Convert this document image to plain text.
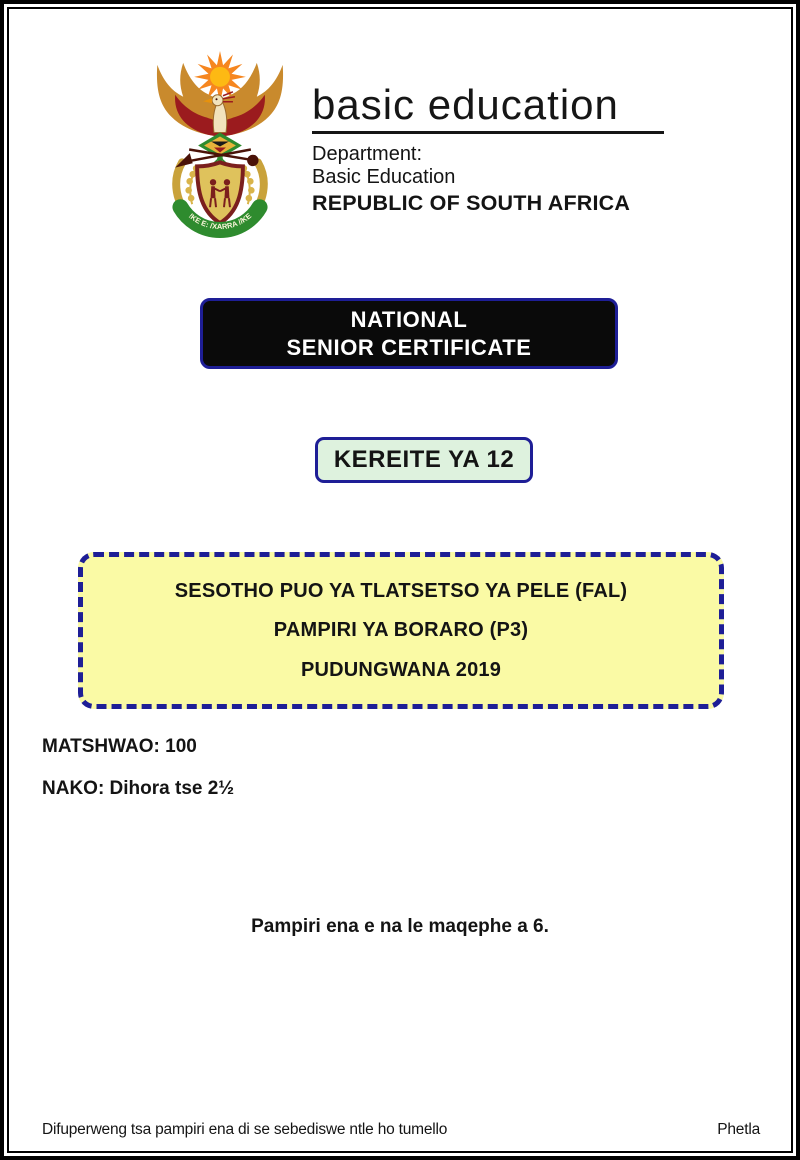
!KE E: /XARRA //KE
basic education
Department:
Basic Education
REPUBLIC OF SOUTH AFRICA
NATIONAL
SENIOR CERTIFICATE
KEREITE YA 12
SESOTHO PUO YA TLATSETSO YA PELE (FAL)
PAMPIRI YA BORARO (P3)
PUDUNGWANA 2019
MATSHWAO: 100
NAKO: Dihora tse 2½
Pampiri ena e na le maqephe a 6.
Difuperweng tsa pampiri ena di se sebediswe ntle ho tumello	Phetla
